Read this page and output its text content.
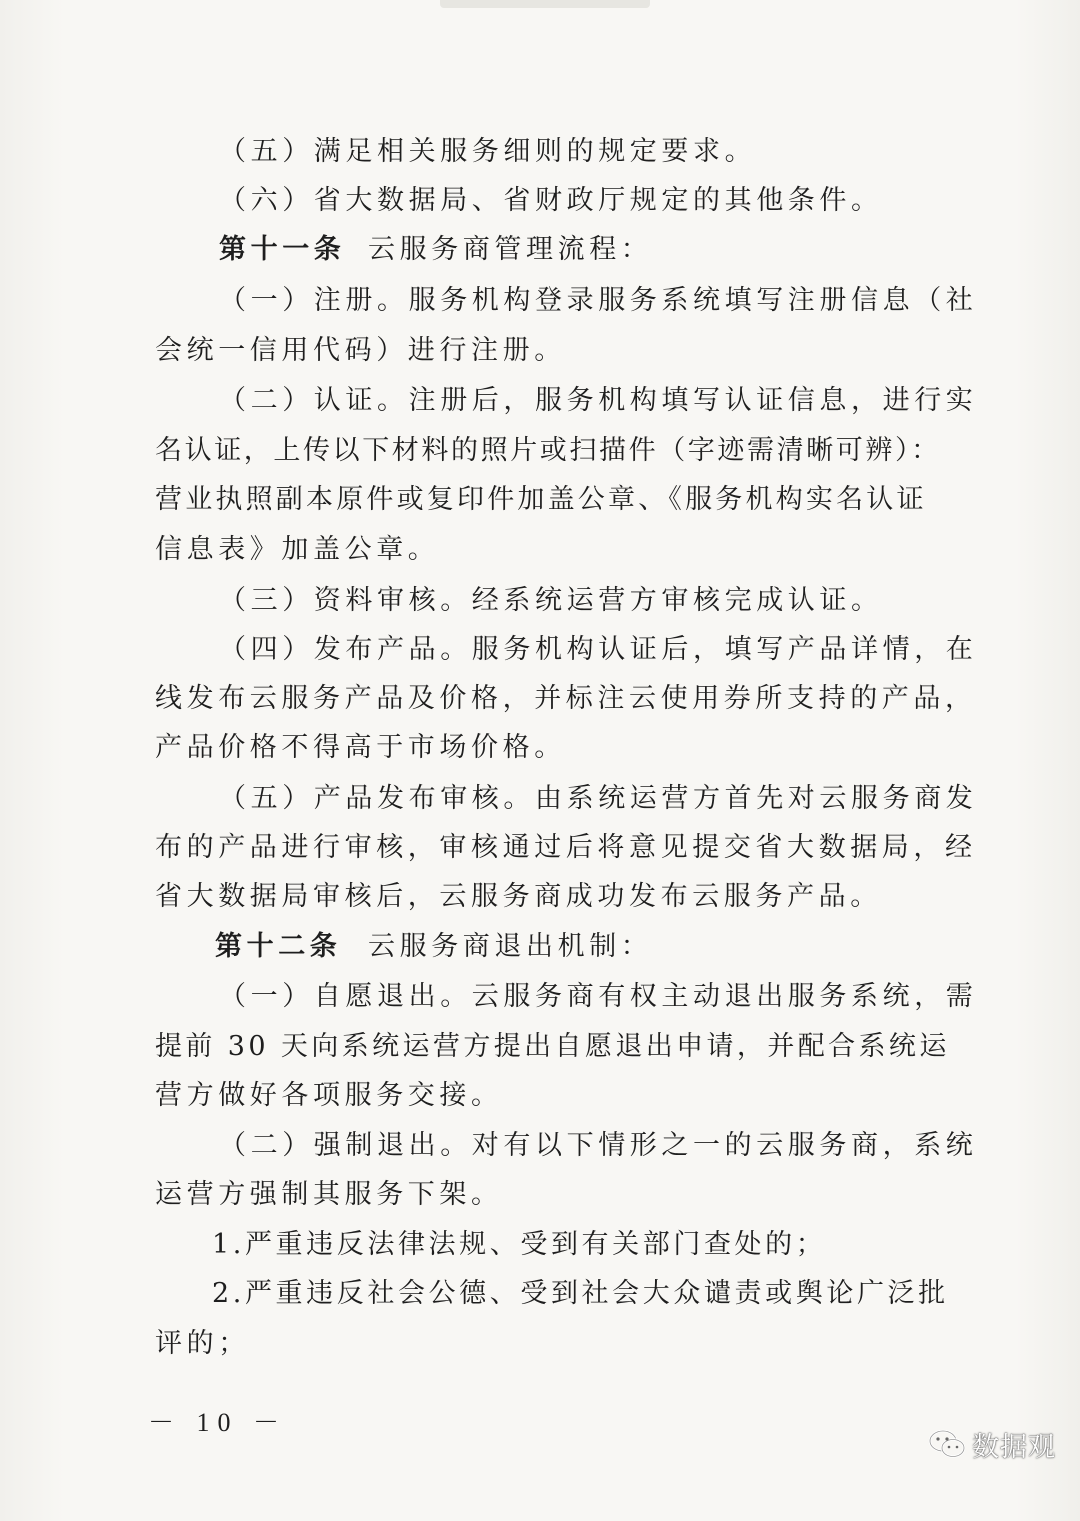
（五）满足相关服务细则的规定要求。
（六）省大数据局、省财政厅规定的其他条件。
第十一条 云服务商管理流程：
（一）注册。服务机构登录服务系统填写注册信息（社
会统一信用代码）进行注册。
（二）认证。注册后，服务机构填写认证信息，进行实
名认证，上传以下材料的照片或扫描件（字迹需清晰可辨）：
营业执照副本原件或复印件加盖公章、《服务机构实名认证
信息表》加盖公章。
（三）资料审核。经系统运营方审核完成认证。
（四）发布产品。服务机构认证后，填写产品详情，在
线发布云服务产品及价格，并标注云使用券所支持的产品，
产品价格不得高于市场价格。
（五）产品发布审核。由系统运营方首先对云服务商发
布的产品进行审核，审核通过后将意见提交省大数据局，经
省大数据局审核后，云服务商成功发布云服务产品。
第十二条 云服务商退出机制：
（一）自愿退出。云服务商有权主动退出服务系统，需
提前 30 天向系统运营方提出自愿退出申请，并配合系统运
营方做好各项服务交接。
（二）强制退出。对有以下情形之一的云服务商，系统
运营方强制其服务下架。
1.严重违反法律法规、受到有关部门查处的；
2.严重违反社会公德、受到社会大众谴责或舆论广泛批
评的；
－ 10 －
数据观
